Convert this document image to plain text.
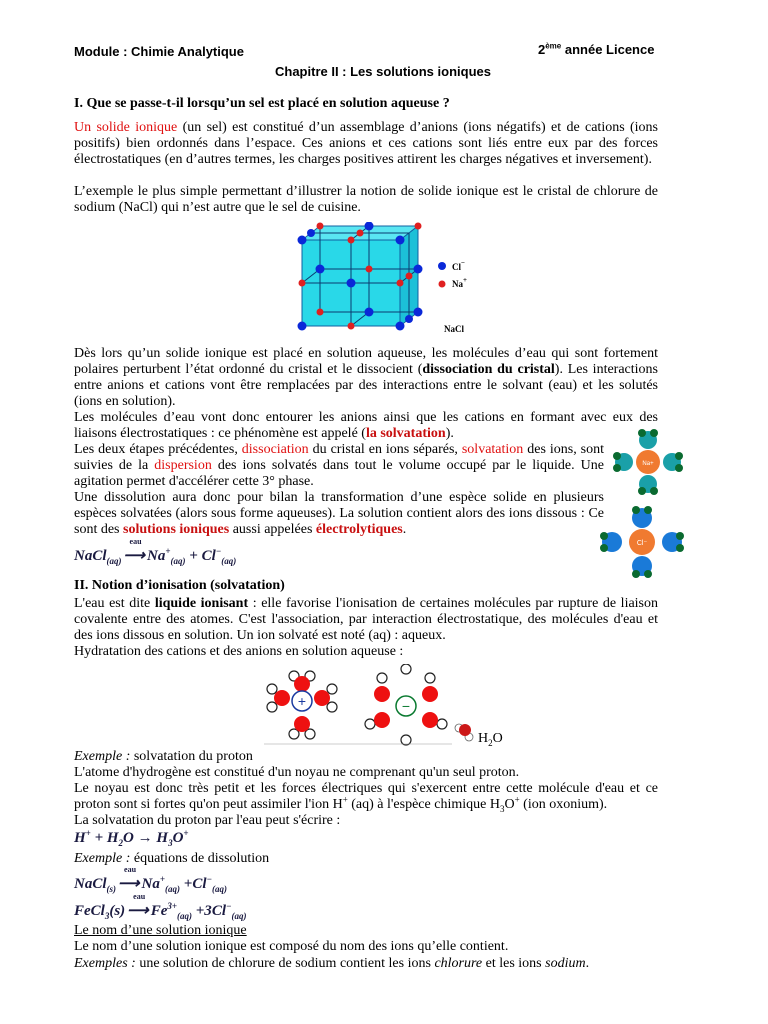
Module : Chimie Analytique	2ème année Licence
Chapitre II : Les solutions ioniques
I. Que se passe-t-il lorsqu’un sel est placé en solution aqueuse ?

Un solide ionique (un sel) est constitué d’un assemblage d’anions (ions négatifs) et de cations (ions positifs) bien ordonnés dans l’espace. Ces anions et ces cations sont liés entre eux par des forces électrostatiques (en d’autres termes, les charges positives attirent les charges négatives et inversement).

L’exemple le plus simple permettant d’illustrer la notion de solide ionique est le cristal de chlorure de sodium (NaCl) qui n’est autre que le sel de cuisine.

Cl−
Na+
NaCl

Dès lors qu’un solide ionique est placé en solution aqueuse, les molécules d’eau qui sont fortement polaires perturbent l’état ordonné du cristal et le dissocient (dissociation du cristal). Les interactions entre anions et cations vont être remplacées par des interactions entre le solvant (eau) et les solutés (ions en solution).

Les molécules d’eau vont donc entourer les anions ainsi que les cations en formant avec eux des liaisons électrostatiques : ce phénomène est appelé (la solvatation).

Les deux étapes précédentes, dissociation du cristal en ions séparés, solvatation des ions, sont suivies de la dispersion des ions solvatés dans tout le volume occupé par le liquide. Une agitation permet d'accélérer cette 3° phase.

Une dissolution aura donc pour bilan la transformation d’une espèce solide en plusieurs espèces solvatées (alors sous forme aqueuses). La solution contient alors des ions dissous : Ce sont des solutions ioniques aussi appelées électrolytiques.

Na+
Cl⁻
NaCl$_{(aq)}$
eau
⟶ $Na^+_{(aq)} + Cl^-_{(aq)}$
II. Notion d’ionisation (solvatation)

L'eau est dite liquide ionisant : elle favorise l'ionisation de certaines molécules par rupture de liaison covalente entre des atomes. C'est l'association, par interaction électrostatique, des molécules d'eau et des ions dissous en solution. Un ion solvaté est noté (aq) : aqueux.

Hydratation des cations et des anions en solution aqueuse :

+	−
$H_2O$

Exemple : solvatation du proton

L'atome d'hydrogène est constitué d'un noyau ne comprenant qu'un seul proton.

Le noyau est donc très petit et les forces électriques qui s'exercent entre cette molécule d'eau et ce proton sont si fortes qu'on peut assimiler l'ion H+ (aq) à l'espèce chimique $H_3O^+$ (ion oxonium).

La solvatation du proton par l'eau peut s'écrire :

$H^+ + H_2O \to H_3O^+$

Exemple : équations de dissolution

NaCl$_{(s)}$
eau
⟶ $Na^+_{(aq)} +Cl^-_{(aq)}$
FeCl$_3$(s)
eau
⟶ $Fe^{3+}_{(aq)} +3Cl^-_{(aq)}$

Le nom d’une solution ionique

Le nom d’une solution ionique est composé du nom des ions qu’elle contient.

Exemples : une solution de chlorure de sodium contient les ions chlorure et les ions sodium.
